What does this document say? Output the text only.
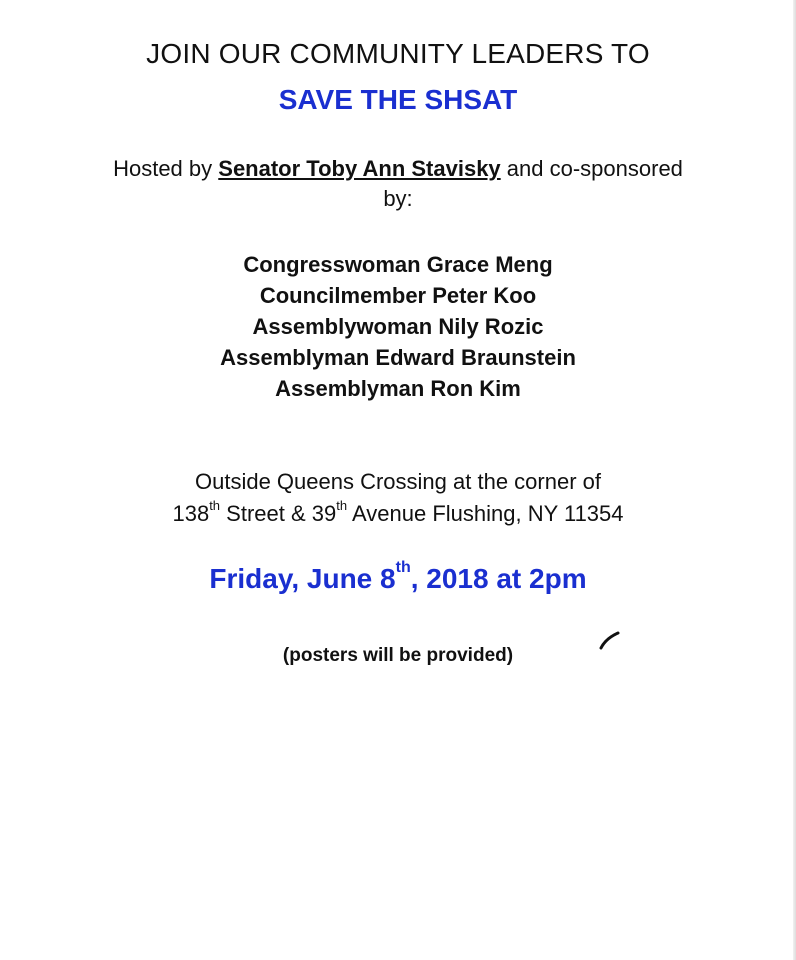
JOIN OUR COMMUNITY LEADERS TO
SAVE THE SHSAT
Hosted by Senator Toby Ann Stavisky and co-sponsored
by:
Congresswoman Grace Meng
Councilmember Peter Koo
Assemblywoman Nily Rozic
Assemblyman Edward Braunstein
Assemblyman Ron Kim
Outside Queens Crossing at the corner of
138th Street & 39th Avenue Flushing, NY 11354
Friday, June 8th, 2018 at 2pm
(posters will be provided)
